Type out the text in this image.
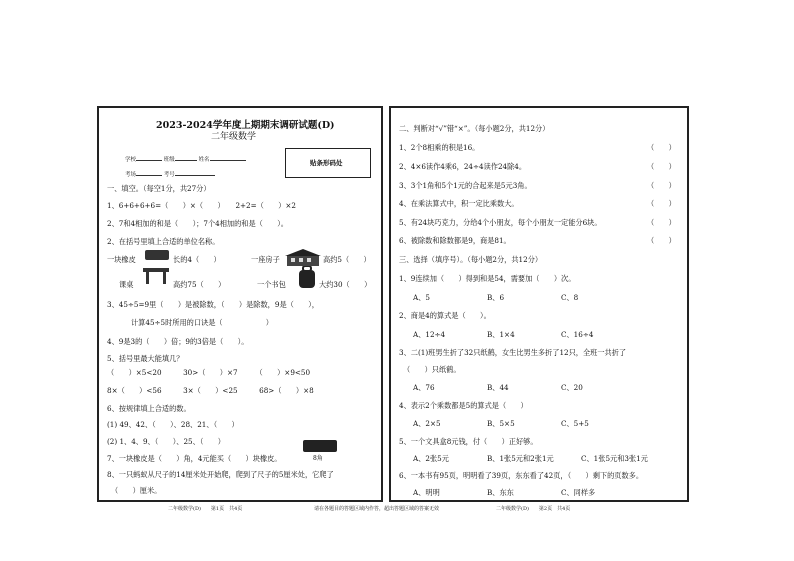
2023-2024学年度上期期末调研试题(D)
二年级数学
学校	班级	姓名
考场	考号
贴条形码处
一、填空。（每空1分，共27分）
1、6+6+6+6=（　　）×（　　）　　2+2=（　　）×2
2、7和4相加的和是（　　）；7个4相加的和是（　　）。
2、在括号里填上合适的单位名称。
一块橡皮	长的4（　　）	一座房子	高约5（　　）
课桌	高约75（　　）	一个书包	大约30（　　）
3、45÷5=9里（　　）是被除数，（　　）是除数，9是（　　），
计算45÷5时所用的口诀是（　　　　　　）
4、9是3的（　　）倍；9的3倍是（　　）。
5、括号里最大能填几？
（　　）×5<20　　　30>（　　）×7　　　（　　）×9<50
8×（　　）<56　　　3×（　　）<25　　　68>（　　）×8
6、按规律填上合适的数。
(1) 49、42、（　　）、28、21、（　　）
(2) 1、4、9、（　　）、25、（　　）
7、一块橡皮是（　　）角，4元能买（　　）块橡皮。	8角
8、一只蚂蚁从尺子的14厘米处开始爬，爬到了尺子的5厘米处，它爬了
（　　）厘米。
二、判断对“√”错“×”。（每小题2分，共12分）
1、2个8相乘的积是16。	（　　）
2、4×6读作4乘6，24÷4读作24除4。	（　　）
3、3个1角和5个1元的合起来是5元3角。	（　　）
4、在乘法算式中，积一定比乘数大。	（　　）
5、有24块巧克力，分给4个小朋友，每个小朋友一定能分6块。	（　　）
6、被除数和除数都是9，商是81。	（　　）
三、选择（填序号）。（每小题2分，共12分）
1、9连续加（　　）得到和是54，需要加（　　）次。
A、5	B、6	C、8
2、商是4的算式是（　　）。
A、12÷4	B、1×4	C、16÷4
3、二(1)班男生折了32只纸鹤，女生比男生多折了12只，全班一共折了
（　　）只纸鹤。
A、76	B、44	C、20
4、表示2个乘数都是5的算式是（　　）
A、2×5	B、5×5	C、5+5
5、一个文具盒8元钱，付（　　）正好够。
A、2张5元	B、1张5元和2张1元	C、1张5元和3张1元
6、一本书有95页，明明看了39页，东东看了42页，（　　）剩下的页数多。
A、明明	B、东东	C、同样多
二年级数学(D)　　第1页　共4页	请在各题目的答题区域内作答，超出答题区域的答案无效	二年级数学(D)　　第2页　共4页
